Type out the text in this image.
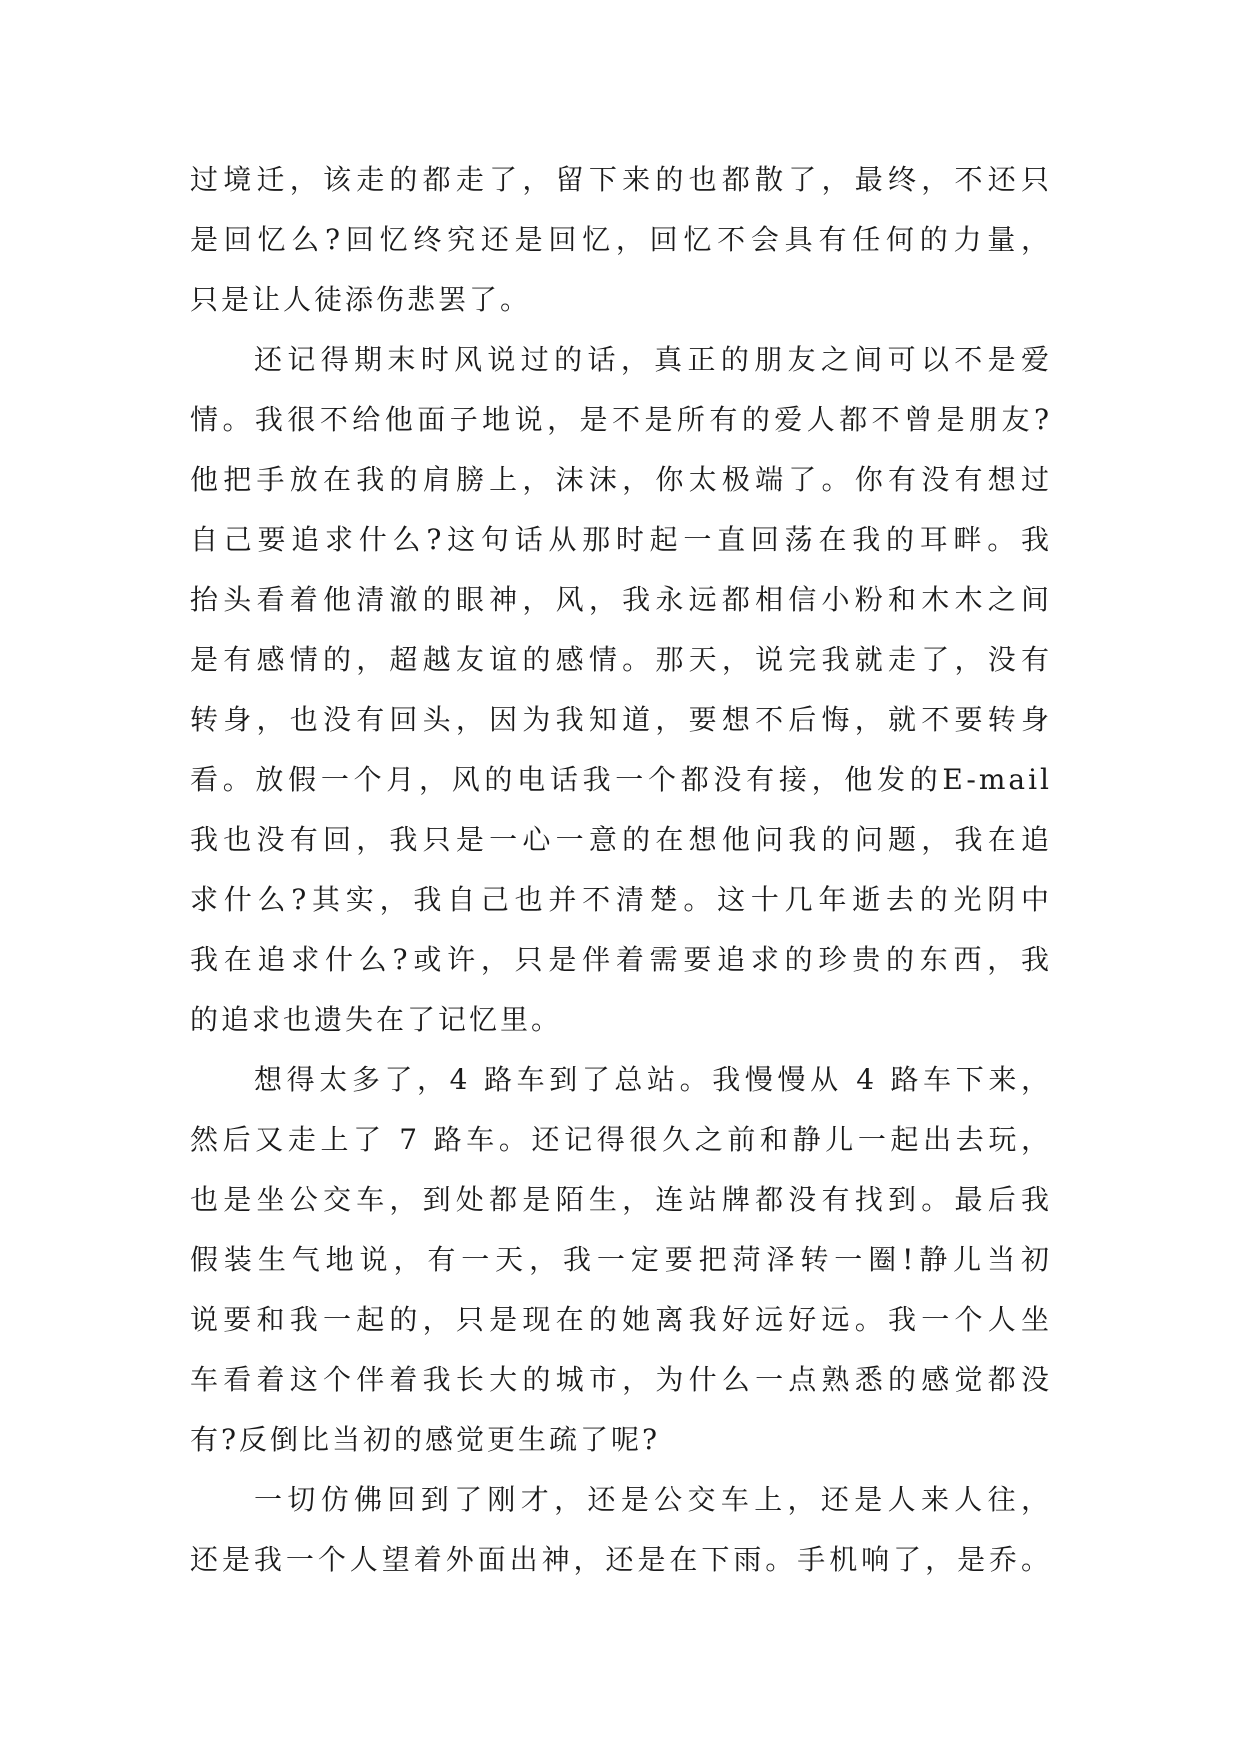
过境迁，该走的都走了，留下来的也都散了，最终，不还只
是回忆么?回忆终究还是回忆，回忆不会具有任何的力量，
只是让人徒添伤悲罢了。
还记得期末时风说过的话，真正的朋友之间可以不是爱
情。我很不给他面子地说，是不是所有的爱人都不曾是朋友?
他把手放在我的肩膀上，沫沫，你太极端了。你有没有想过
自己要追求什么?这句话从那时起一直回荡在我的耳畔。我
抬头看着他清澈的眼神，风，我永远都相信小粉和木木之间
是有感情的，超越友谊的感情。那天，说完我就走了，没有
转身，也没有回头，因为我知道，要想不后悔，就不要转身
看。放假一个月，风的电话我一个都没有接，他发的E-mail
我也没有回，我只是一心一意的在想他问我的问题，我在追
求什么?其实，我自己也并不清楚。这十几年逝去的光阴中
我在追求什么?或许，只是伴着需要追求的珍贵的东西，我
的追求也遗失在了记忆里。
想得太多了，4 路车到了总站。我慢慢从 4 路车下来，
然后又走上了 7 路车。还记得很久之前和静儿一起出去玩，
也是坐公交车，到处都是陌生，连站牌都没有找到。最后我
假装生气地说，有一天，我一定要把菏泽转一圈!静儿当初
说要和我一起的，只是现在的她离我好远好远。我一个人坐
车看着这个伴着我长大的城市，为什么一点熟悉的感觉都没
有?反倒比当初的感觉更生疏了呢?
一切仿佛回到了刚才，还是公交车上，还是人来人往，
还是我一个人望着外面出神，还是在下雨。手机响了，是乔。
